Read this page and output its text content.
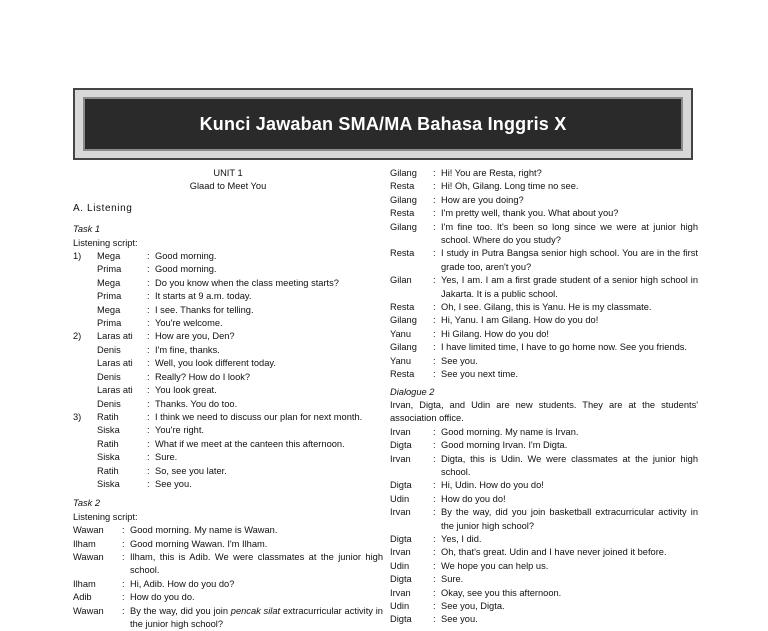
Kunci Jawaban SMA/MA Bahasa Inggris X
UNIT 1
Glaad to Meet You
A. Listening
Task 1
Listening script:
1)	Mega	: Good morning.
Prima	: Good morning.
Mega	: Do you know when the class meeting starts?
Prima	: It starts at 9 a.m. today.
Mega	: I see. Thanks for telling.
Prima	: You're welcome.
2)	Laras ati	: How are you, Den?
Denis	: I'm fine, thanks.
Laras ati	: Well, you look different today.
Denis	: Really? How do I look?
Laras ati	: You look great.
Denis	: Thanks. You do too.
3)	Ratih	: I think we need to discuss our plan for next month.
Siska	: You're right.
Ratih	: What if we meet at the canteen this afternoon.
Siska	: Sure.
Ratih	: So, see you later.
Siska	: See you.
Task 2
Listening script:
Wawan	: Good morning. My name is Wawan.
Ilham	: Good morning Wawan. I'm Ilham.
Wawan	: Ilham, this is Adib. We were classmates at the junior high school.
Ilham	: Hi, Adib. How do you do?
Adib	: How do you do.
Wawan	: By the way, did you join pencak silat extracurricular activity in the junior high school?
Gilang	: Hi! You are Resta, right?
Resta	: Hi! Oh, Gilang. Long time no see.
Gilang	: How are you doing?
Resta	: I'm pretty well, thank you. What about you?
Gilang	: I'm fine too. It's been so long since we were at junior high school. Where do you study?
Resta	: I study in Putra Bangsa senior high school. You are in the first grade too, aren't you?
Gilan	: Yes, I am. I am a first grade student of a senior high school in Jakarta. It is a public school.
Resta	: Oh, I see. Gilang, this is Yanu. He is my classmate.
Gilang	: Hi, Yanu. I am Gilang. How do you do!
Yanu	: Hi Gilang. How do you do!
Gilang	: I have limited time, I have to go home now. See you friends.
Yanu	: See you.
Resta	: See you next time.
Dialogue 2
Irvan, Digta, and Udin are new students. They are at the students' association office.
Irvan	: Good morning. My name is Irvan.
Digta	: Good morning Irvan. I'm Digta.
Irvan	: Digta, this is Udin. We were classmates at the junior high school.
Digta	: Hi, Udin. How do you do!
Udin	: How do you do!
Irvan	: By the way, did you join basketball extracurricular activity in the junior high school?
Digta	: Yes, I did.
Irvan	: Oh, that's great. Udin and I have never joined it before.
Udin	: We hope you can help us.
Digta	: Sure.
Irvan	: Okay, see you this afternoon.
Udin	: See you, Digta.
Digta	: See you.
